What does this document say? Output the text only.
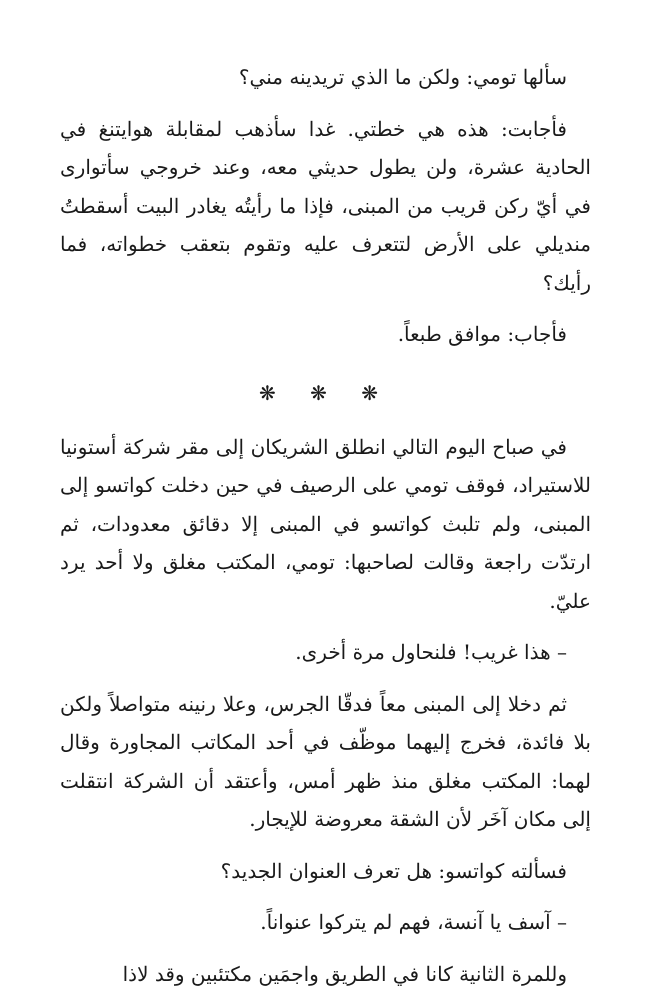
سألها تومي: ولكن ما الذي تريدينه مني؟

فأجابت: هذه هي خطتي. غدا سأذهب لمقابلة هوايتنغ في الحادية عشرة، ولن يطول حديثي معه، وعند خروجي سأتوارى في أيّ ركن قريب من المبنى، فإذا ما رأيتُه يغادر البيت أسقطتُ منديلي على الأرض لتتعرف عليه وتقوم بتعقب خطواته، فما رأيك؟

فأجاب: موافق طبعاً.

❋ ❋ ❋

في صباح اليوم التالي انطلق الشريكان إلى مقر شركة أستونيا للاستيراد، فوقف تومي على الرصيف في حين دخلت كواتسو إلى المبنى، ولم تلبث كواتسو في المبنى إلا دقائق معدودات، ثم ارتدّت راجعة وقالت لصاحبها: تومي، المكتب مغلق ولا أحد يرد عليّ.

– هذا غريب! فلنحاول مرة أخرى.

ثم دخلا إلى المبنى معاً فدقّا الجرس، وعلا رنينه متواصلاً ولكن بلا فائدة، فخرج إليهما موظّف في أحد المكاتب المجاورة وقال لهما: المكتب مغلق منذ ظهر أمس، وأعتقد أن الشركة انتقلت إلى مكان آخَر لأن الشقة معروضة للإيجار.

فسألته كواتسو: هل تعرف العنوان الجديد؟

– آسف يا آنسة، فهم لم يتركوا عنواناً.

وللمرة الثانية كانا في الطريق واجمَين مكتئبين وقد لاذا
